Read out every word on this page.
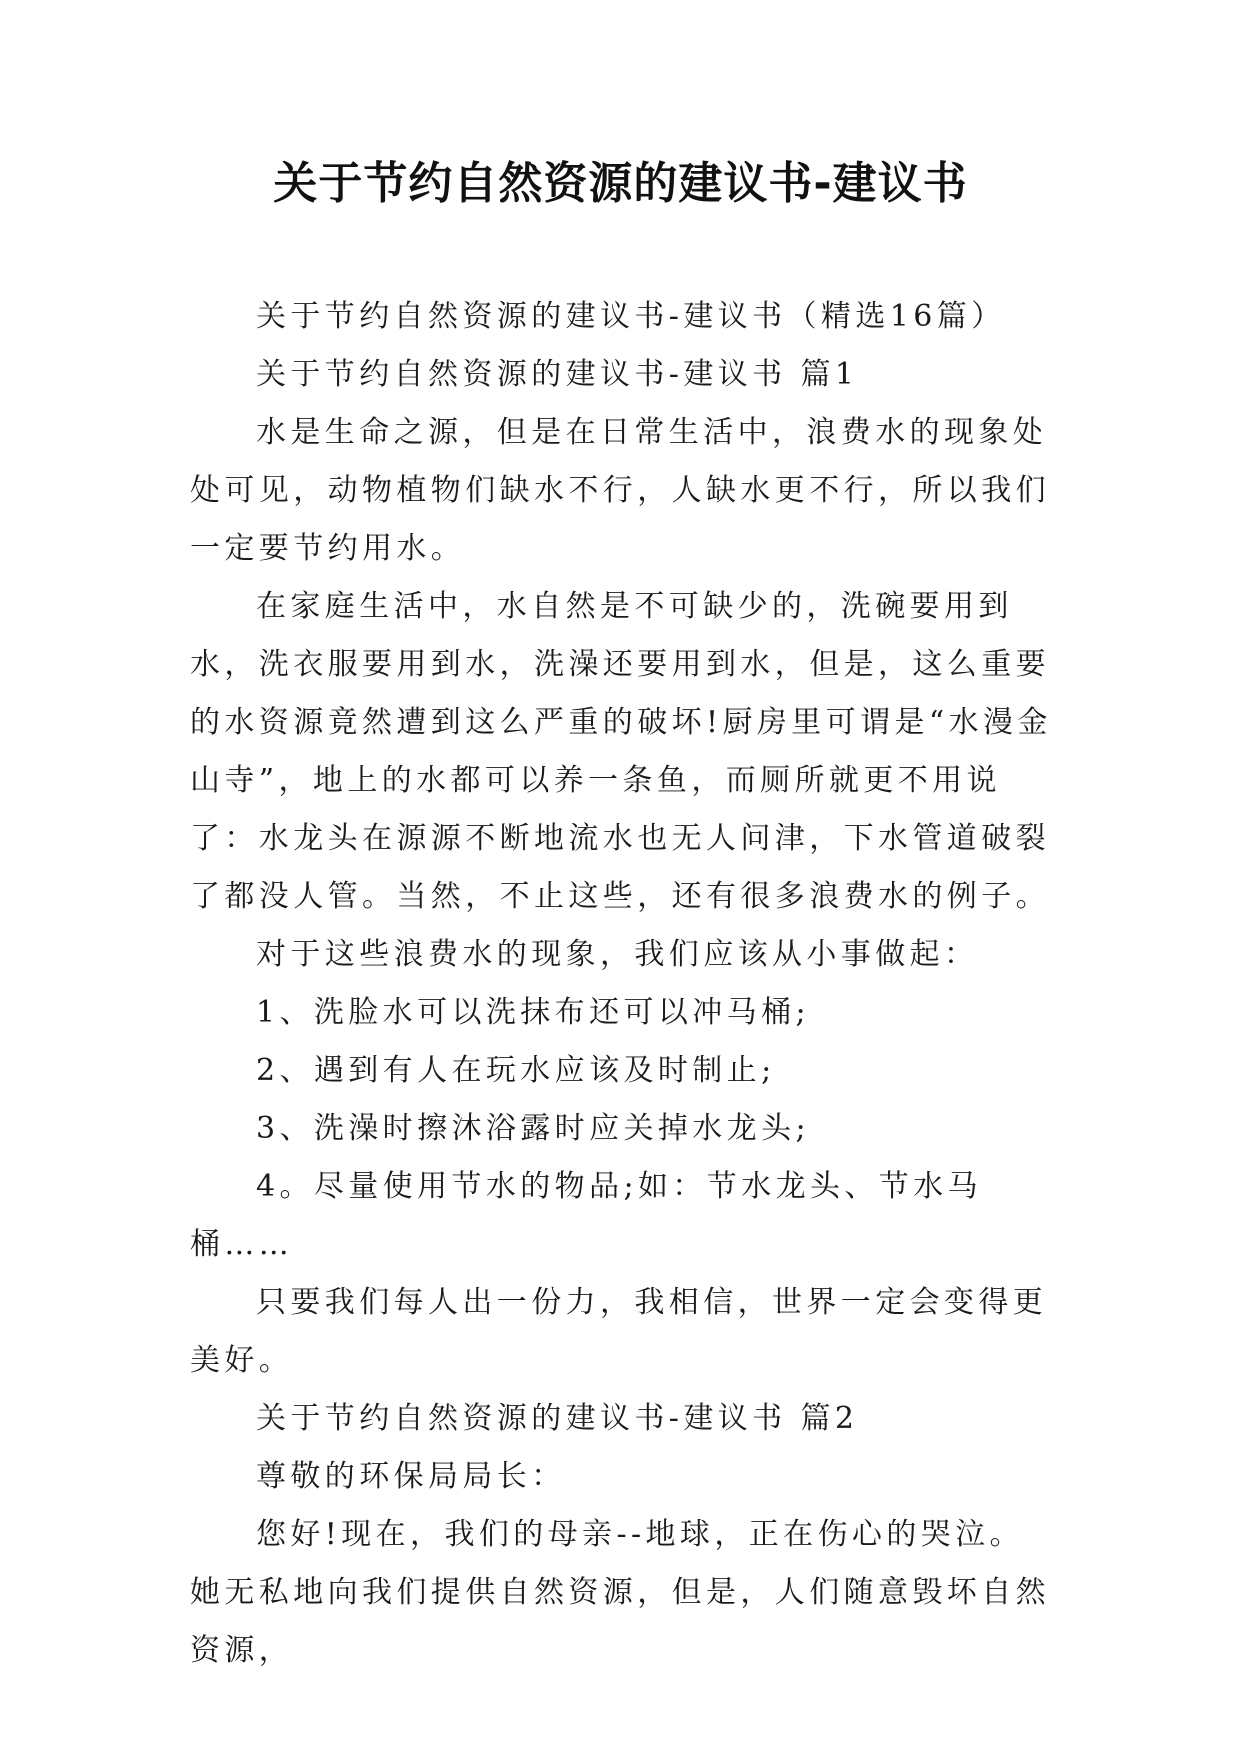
关于节约自然资源的建议书-建议书

关于节约自然资源的建议书-建议书（精选16篇）

关于节约自然资源的建议书-建议书 篇1

水是生命之源，但是在日常生活中，浪费水的现象处处可见，动物植物们缺水不行，人缺水更不行，所以我们一定要节约用水。

在家庭生活中，水自然是不可缺少的，洗碗要用到水，洗衣服要用到水，洗澡还要用到水，但是，这么重要的水资源竟然遭到这么严重的破坏!厨房里可谓是“水漫金山寺”，地上的水都可以养一条鱼，而厕所就更不用说了：水龙头在源源不断地流水也无人问津，下水管道破裂了都没人管。当然，不止这些，还有很多浪费水的例子。

对于这些浪费水的现象，我们应该从小事做起：

1、洗脸水可以洗抹布还可以冲马桶;

2、遇到有人在玩水应该及时制止;

3、洗澡时擦沐浴露时应关掉水龙头;

4。尽量使用节水的物品;如：节水龙头、节水马桶……

只要我们每人出一份力，我相信，世界一定会变得更美好。

关于节约自然资源的建议书-建议书 篇2

尊敬的环保局局长：

您好!现在，我们的母亲--地球，正在伤心的哭泣。她无私地向我们提供自然资源，但是，人们随意毁坏自然资源，
